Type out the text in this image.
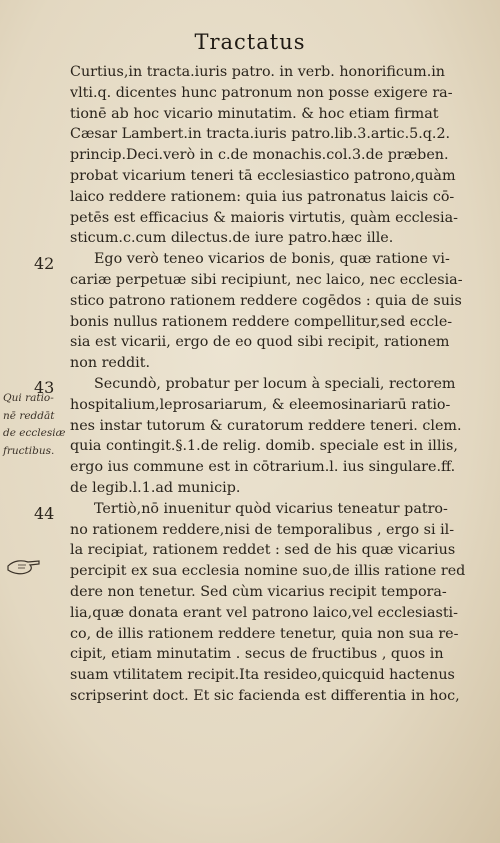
Tractatus
42
43
44
Qui ratio-
nē reddāt
de ecclesiæ
fructibus.
Curtius,in tracta.iuris patro. in verb. honorificum.in
vlti.q. dicentes hunc patronum non posse exigere ra-
tionē ab hoc vicario minutatim. & hoc etiam firmat
Cæsar Lambert.in tracta.iuris patro.lib.3.artic.5.q.2.
princip.Deci.verò in c.de monachis.col.3.de præben.
probat vicarium teneri tā ecclesiastico patrono,quàm
laico reddere rationem: quia ius patronatus laicis cō-
petēs est efficacius & maioris virtutis, quàm ecclesia-
sticum.c.cum dilectus.de iure patro.hæc ille.
Ego verò teneo vicarios de bonis, quæ ratione vi-
cariæ perpetuæ sibi recipiunt, nec laico, nec ecclesia-
stico patrono rationem reddere cogēdos : quia de suis
bonis nullus rationem reddere compellitur,sed eccle-
sia est vicarii, ergo de eo quod sibi recipit, rationem
non reddit.
Secundò, probatur per locum à speciali, rectorem
hospitalium,leprosariarum, & eleemosinariarū ratio-
nes instar tutorum & curatorum reddere teneri. clem.
quia contingit.§.1.de relig. domib. speciale est in illis,
ergo ius commune est in cōtrarium.l. ius singulare.ff.
de legib.l.1.ad municip.
Tertiò,nō inuenitur quòd vicarius teneatur patro-
no rationem reddere,nisi de temporalibus , ergo si il-
la recipiat, rationem reddet : sed de his quæ vicarius
percipit ex sua ecclesia nomine suo,de illis ratione red
dere non tenetur. Sed cùm vicarius recipit tempora-
lia,quæ donata erant vel patrono laico,vel ecclesiasti-
co, de illis rationem reddere tenetur, quia non sua re-
cipit, etiam minutatim . secus de fructibus , quos in
suam vtilitatem recipit.Ita resideo,quicquid hactenus
scripserint doct. Et sic facienda est differentia in hoc,
